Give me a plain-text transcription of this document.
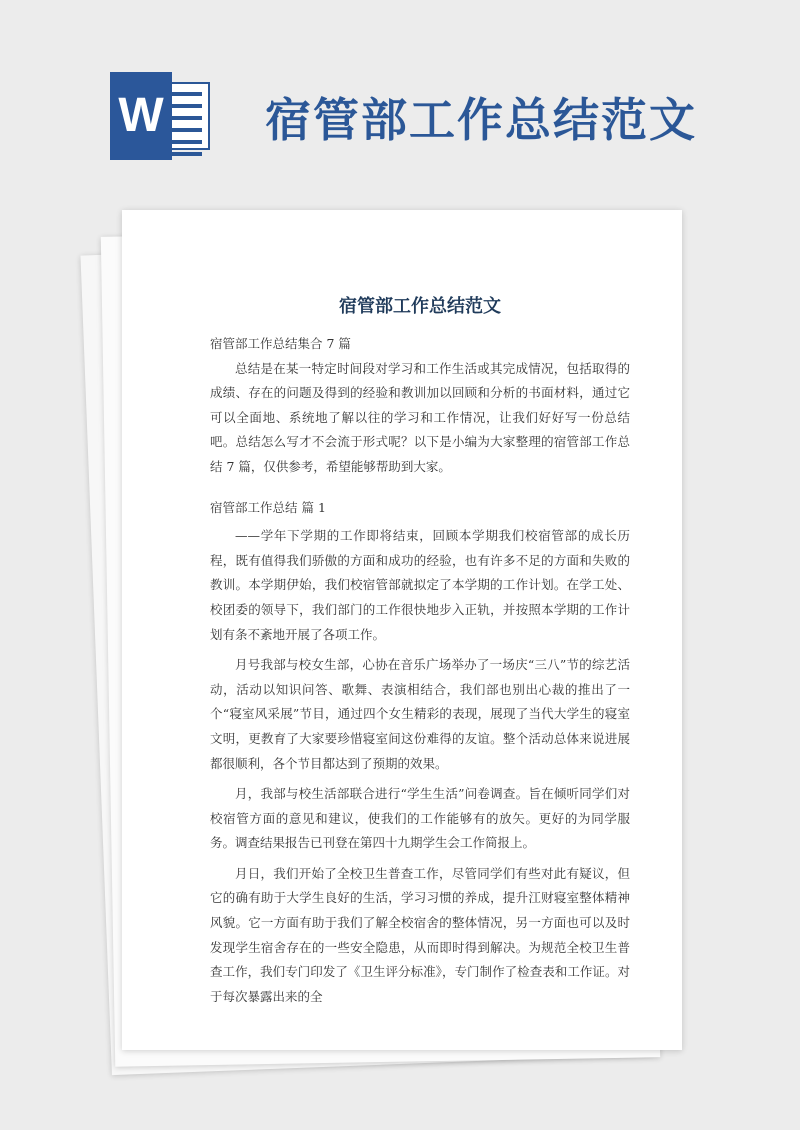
W 宿管部工作总结范文
宿管部工作总结范文

宿管部工作总结集合 7 篇

总结是在某一特定时间段对学习和工作生活或其完成情况，包括取得的成绩、存在的问题及得到的经验和教训加以回顾和分析的书面材料，通过它可以全面地、系统地了解以往的学习和工作情况，让我们好好写一份总结吧。总结怎么写才不会流于形式呢？以下是小编为大家整理的宿管部工作总结 7 篇，仅供参考，希望能够帮助到大家。

宿管部工作总结 篇 1

——学年下学期的工作即将结束，回顾本学期我们校宿管部的成长历程，既有值得我们骄傲的方面和成功的经验，也有许多不足的方面和失败的教训。本学期伊始，我们校宿管部就拟定了本学期的工作计划。在学工处、校团委的领导下，我们部门的工作很快地步入正轨，并按照本学期的工作计划有条不紊地开展了各项工作。

月号我部与校女生部，心协在音乐广场举办了一场庆“三八”节的综艺活动，活动以知识问答、歌舞、表演相结合，我们部也别出心裁的推出了一个“寝室风采展”节目，通过四个女生精彩的表现，展现了当代大学生的寝室文明，更教育了大家要珍惜寝室间这份难得的友谊。整个活动总体来说进展都很顺利，各个节目都达到了预期的效果。

月，我部与校生活部联合进行“学生生活”问卷调查。旨在倾听同学们对校宿管方面的意见和建议，使我们的工作能够有的放矢。更好的为同学服务。调查结果报告已刊登在第四十九期学生会工作简报上。

月日，我们开始了全校卫生普查工作，尽管同学们有些对此有疑议，但它的确有助于大学生良好的生活，学习习惯的养成，提升江财寝室整体精神风貌。它一方面有助于我们了解全校宿舍的整体情况，另一方面也可以及时发现学生宿舍存在的一些安全隐患，从而即时得到解决。为规范全校卫生普查工作，我们专门印发了《卫生评分标准》，专门制作了检查表和工作证。对于每次暴露出来的全
